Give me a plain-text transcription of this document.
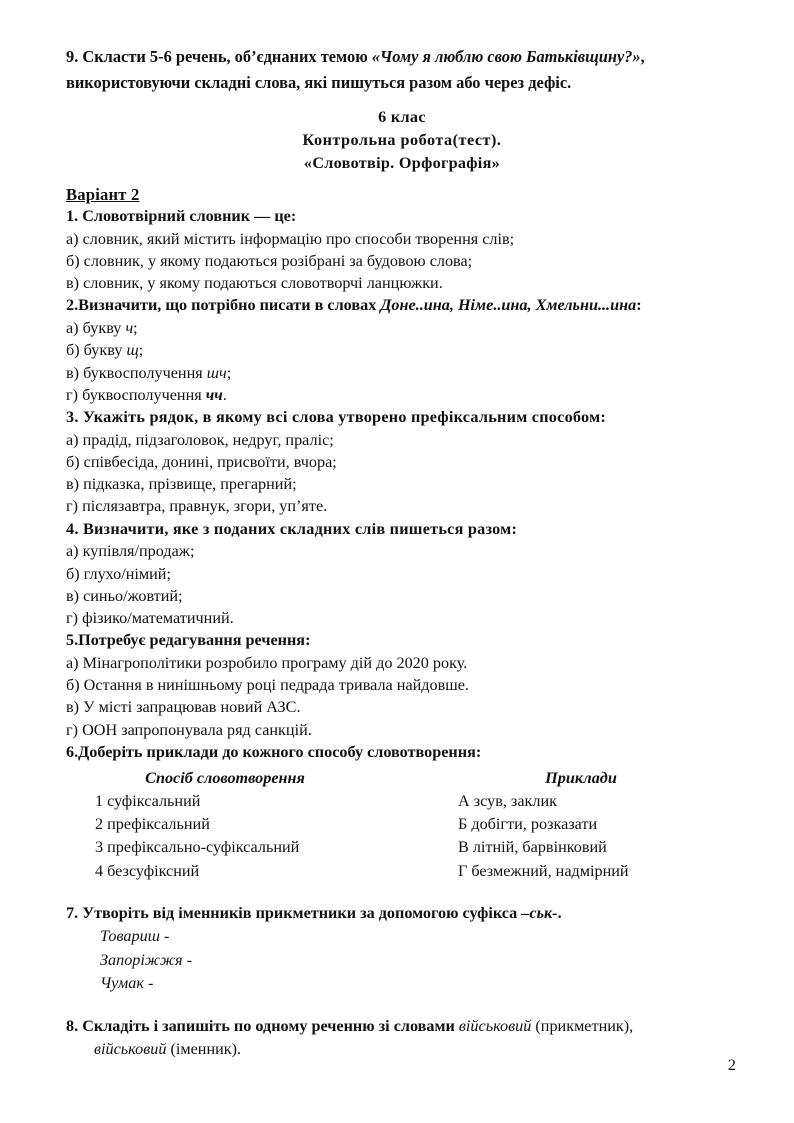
9. Скласти 5-6 речень, об’єднаних темою «Чому я люблю свою Батьківщину?»,
використовуючи складні слова, які пишуться разом або через дефіс.
6 клас
Контрольна робота(тест).
«Словотвір. Орфографія»
Варіант 2
1. Словотвірний словник — це:
а) словник, який містить інформацію про способи творення слів;
б) словник, у якому подаються розібрані за будовою слова;
в) словник, у якому подаються словотворчі ланцюжки.
2.Визначити, що потрібно писати в словах Доне..ина, Німе..ина, Хмельни...ина:
а) букву ч;
б) букву щ;
в) буквосполучення шч;
г) буквосполучення чч.
3. Укажіть рядок, в якому всі слова утворено префіксальним способом:
а) прадід, підзаголовок, недруг, праліс;
б) співбесіда, донині, присвоїти, вчора;
в) підказка, прізвище, прегарний;
г) післязавтра, правнук, згори, уп’яте.
4. Визначити, яке з поданих складних слів пишеться разом:
а) купівля/продаж;
б) глухо/німий;
в) синьо/жовтий;
г) фізико/математичний.
5.Потребує редагування речення:
а) Мінагрополітики розробило програму дій до 2020 року.
б) Остання в нинішньому році педрада тривала найдовше.
в) У місті запрацював новий АЗС.
г) ООН запропонувала ряд санкцій.
6.Доберіть приклади до кожного способу словотворення:
Спосіб словотворення	Приклади
1 суфіксальний	А зсув, заклик
2 префіксальний	Б добігти, розказати
3 префіксально-суфіксальний	В літній, барвінковий
4 безсуфіксний	Г безмежний, надмірний
7. Утворіть від іменників прикметники за допомогою суфікса –ськ-.
Товариш -
Запоріжжя -
Чумак -
8. Складіть і запишіть по одному реченню зі словами військовий (прикметник),
військовий (іменник).
2
